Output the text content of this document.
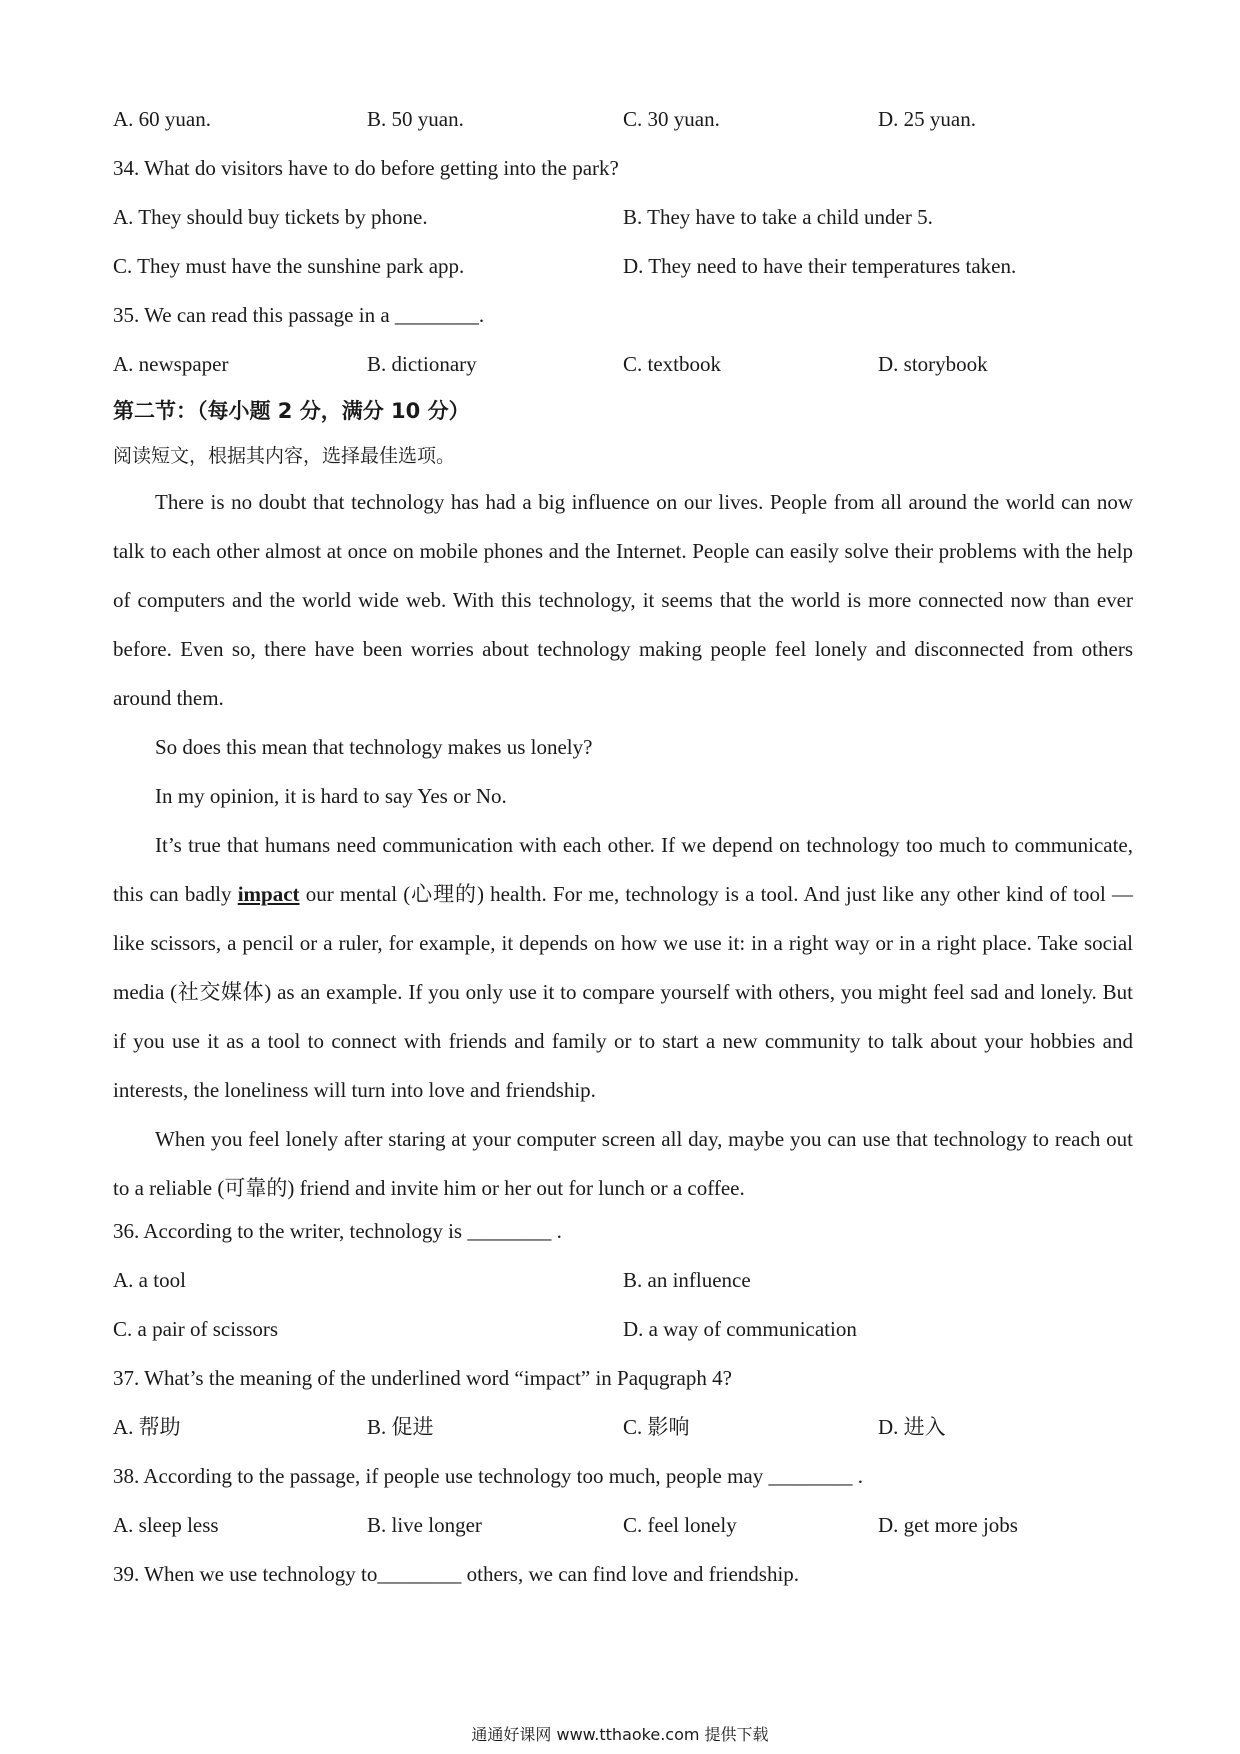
A. 60 yuan.	B. 50 yuan.	C. 30 yuan.	D. 25 yuan.
34. What do visitors have to do before getting into the park?
A. They should buy tickets by phone.	B. They have to take a child under 5.
C. They must have the sunshine park app.	D. They need to have their temperatures taken.
35. We can read this passage in a ________.
A. newspaper	B. dictionary	C. textbook	D. storybook
第二节：（每小题 2 分，满分 10 分）
阅读短文，根据其内容，选择最佳选项。
There is no doubt that technology has had a big influence on our lives. People from all around the world can now talk to each other almost at once on mobile phones and the Internet. People can easily solve their problems with the help of computers and the world wide web. With this technology, it seems that the world is more connected now than ever before. Even so, there have been worries about technology making people feel lonely and disconnected from others around them.
So does this mean that technology makes us lonely?
In my opinion, it is hard to say Yes or No.
It’s true that humans need communication with each other. If we depend on technology too much to communicate, this can badly impact our mental (心理的) health. For me, technology is a tool. And just like any other kind of tool — like scissors, a pencil or a ruler, for example, it depends on how we use it: in a right way or in a right place. Take social media (社交媒体) as an example. If you only use it to compare yourself with others, you might feel sad and lonely. But if you use it as a tool to connect with friends and family or to start a new community to talk about your hobbies and interests, the loneliness will turn into love and friendship.
When you feel lonely after staring at your computer screen all day, maybe you can use that technology to reach out to a reliable (可靠的) friend and invite him or her out for lunch or a coffee.
36. According to the writer, technology is ________ .
A. a tool	B. an influence
C. a pair of scissors	D. a way of communication
37. What’s the meaning of the underlined word “impact” in Paqugraph 4?
A. 帮助	B. 促进	C. 影响	D. 进入
38. According to the passage, if people use technology too much, people may ________ .
A. sleep less	B. live longer	C. feel lonely	D. get more jobs
39. When we use technology to________ others, we can find love and friendship.
通通好课网 www.tthaoke.com 提供下载
